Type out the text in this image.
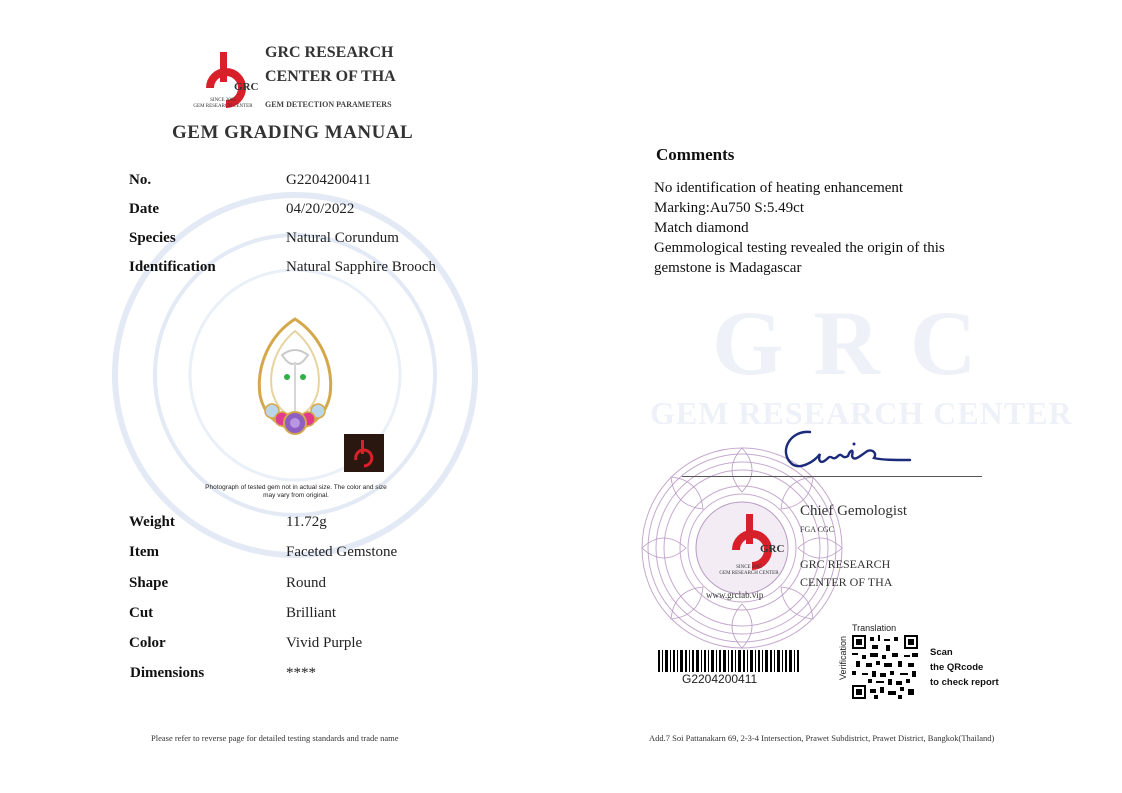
GRC
GEM RESEARCH CENTER
GRC
SINCE 2005
GEM RESEARCH CENTER
GRC RESEARCH
CENTER OF THA
GEM DETECTION PARAMETERS
GEM GRADING MANUAL
No.	G2204200411
Date	04/20/2022
Species	Natural Corundum
Identification	Natural Sapphire Brooch
Photograph of tested gem not in actual size. The color and size may vary from original.
Weight	11.72g
Item	Faceted Gemstone
Shape	Round
Cut	Brilliant
Color	Vivid Purple
Dimensions	****
Comments
No identification of heating enhancement
Marking:Au750 S:5.49ct
Match diamond
Gemmological testing revealed the origin of this
gemstone is Madagascar
GRC
SINCE 2005
GEM RESEARCH CENTER
www.grclab.vip
Chief Gemologist
FGA CGC
GRC RESEARCH
CENTER OF THA
G2204200411
Translation
Verification	Scan
the QRcode
to check report
Please refer to reverse page for detailed testing standards and trade name	Add.7 Soi Pattanakarn 69, 2-3-4 Intersection, Prawet Subdistrict, Prawet District, Bangkok(Thailand)
